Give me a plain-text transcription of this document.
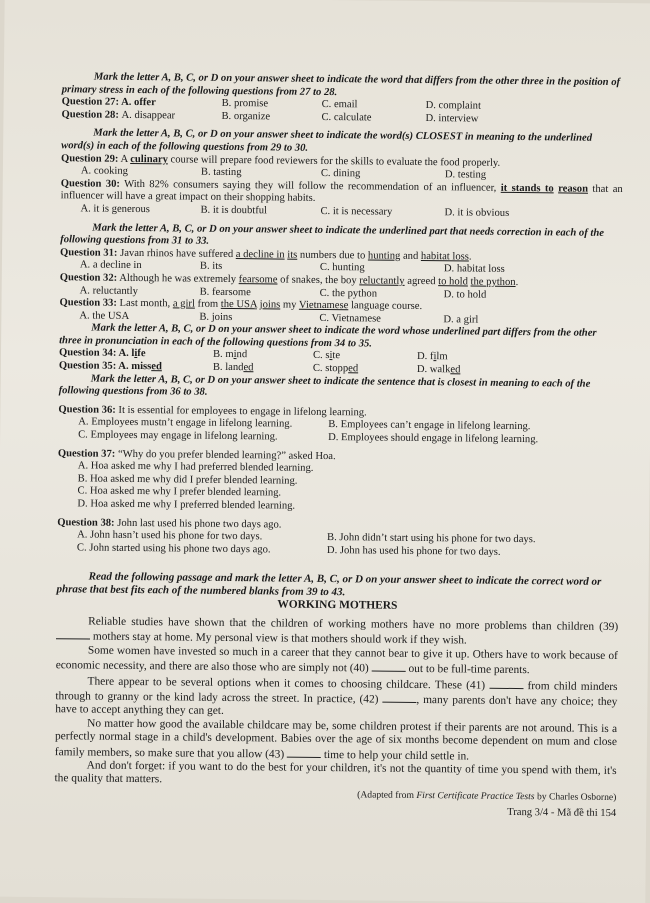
Mark the letter A, B, C, or D on your answer sheet to indicate the word that differs from the other three in the position of primary stress in each of the following questions from 27 to 28.

Question 27: A. offer	B. promise	C. email	D. complaint
Question 28: A. disappear	B. organize	C. calculate	D. interview

Mark the letter A, B, C, or D on your answer sheet to indicate the word(s) CLOSEST in meaning to the underlined word(s) in each of the following questions from 29 to 30.

Question 29: A culinary course will prepare food reviewers for the skills to evaluate the food properly.

A. cooking	B. tasting	C. dining	D. testing

Question 30: With 82% consumers saying they will follow the recommendation of an influencer, it stands to reason that an influencer will have a great impact on their shopping habits.

A. it is generous	B. it is doubtful	C. it is necessary	D. it is obvious

Mark the letter A, B, C, or D on your answer sheet to indicate the underlined part that needs correction in each of the following questions from 31 to 33.

Question 31: Javan rhinos have suffered a decline in its numbers due to hunting and habitat loss.

A. a decline in	B. its	C. hunting	D. habitat loss

Question 32: Although he was extremely fearsome of snakes, the boy reluctantly agreed to hold the python.

A. reluctantly	B. fearsome	C. the python	D. to hold

Question 33: Last month, a girl from the USA joins my Vietnamese language course.

A. the USA	B. joins	C. Vietnamese	D. a girl

Mark the letter A, B, C, or D on your answer sheet to indicate the word whose underlined part differs from the other three in pronunciation in each of the following questions from 34 to 35.

Question 34: A. life	B. mind	C. site	D. film
Question 35: A. missed	B. landed	C. stopped	D. walked

Mark the letter A, B, C, or D on your answer sheet to indicate the sentence that is closest in meaning to each of the following questions from 36 to 38.

Question 36: It is essential for employees to engage in lifelong learning.

A. Employees mustn’t engage in lifelong learning.	B. Employees can’t engage in lifelong learning.
C. Employees may engage in lifelong learning.	D. Employees should engage in lifelong learning.

Question 37: “Why do you prefer blended learning?” asked Hoa.

A. Hoa asked me why I had preferred blended learning.
B. Hoa asked me why did I prefer blended learning.
C. Hoa asked me why I prefer blended learning.
D. Hoa asked me why I preferred blended learning.

Question 38: John last used his phone two days ago.

A. John hasn’t used his phone for two days.	B. John didn’t start using his phone for two days.
C. John started using his phone two days ago.	D. John has used his phone for two days.

Read the following passage and mark the letter A, B, C, or D on your answer sheet to indicate the correct word or phrase that best fits each of the numbered blanks from 39 to 43.

WORKING MOTHERS

Reliable studies have shown that the children of working mothers have no more problems than children (39)  mothers stay at home. My personal view is that mothers should work if they wish.

Some women have invested so much in a career that they cannot bear to give it up. Others have to work because of economic necessity, and there are also those who are simply not (40)	out to be full-time parents.

There appear to be several options when it comes to choosing childcare. These (41)	from child minders through to granny or the kind lady across the street. In practice, (42)	, many parents don't have any choice; they have to accept anything they can get.

No matter how good the available childcare may be, some children protest if their parents are not around. This is a perfectly normal stage in a child's development. Babies over the age of six months become dependent on mum and close family members, so make sure that you allow (43)	time to help your child settle in.

And don't forget: if you want to do the best for your children, it's not the quantity of time you spend with them, it's the quality that matters.

(Adapted from First Certificate Practice Tests by Charles Osborne)
Trang 3/4 - Mã đề thi 154
